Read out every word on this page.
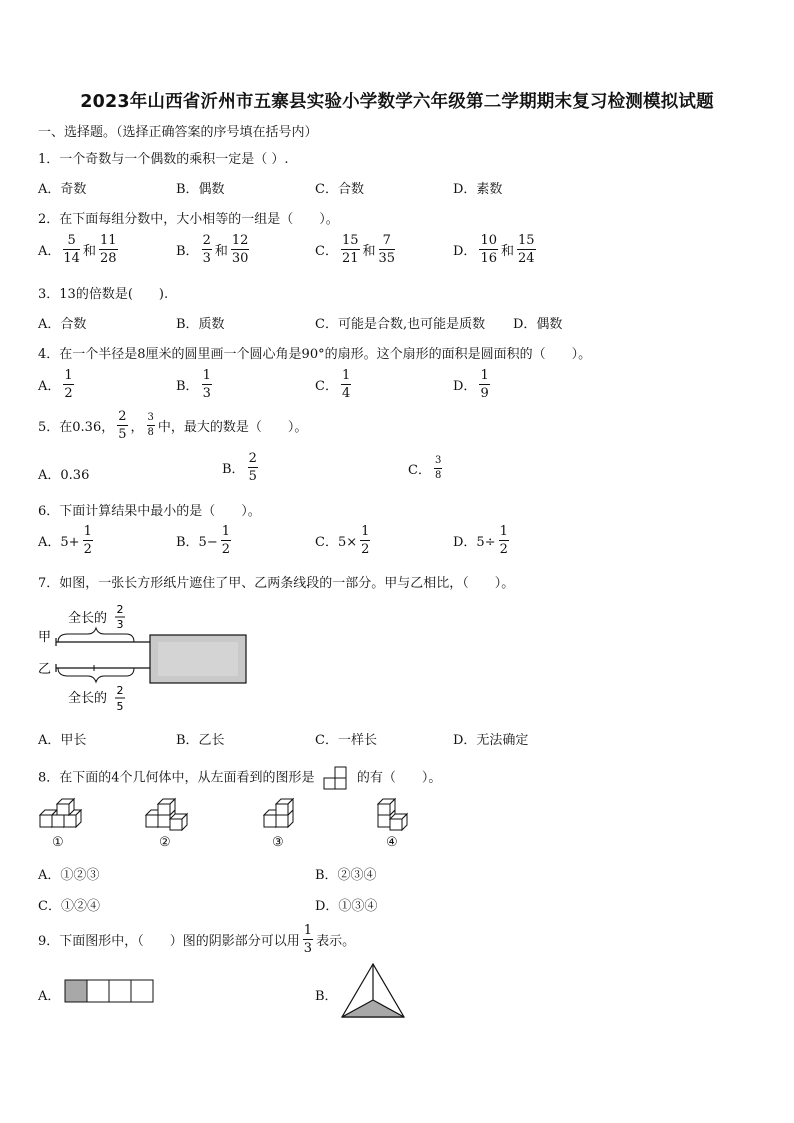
2023年山西省沂州市五寨县实验小学数学六年级第二学期期末复习检测模拟试题
一、选择题。（选择正确答案的序号填在括号内）
1．一个奇数与一个偶数的乘积一定是（ ）.
A．奇数	B．偶数	C．合数	D．素数
2．在下面每组分数中，大小相等的一组是（　　）。
A． $\frac{5}{14}$ 和 $\frac{11}{28}$	B． $\frac{2}{3}$ 和 $\frac{12}{30}$	C． $\frac{15}{21}$ 和 $\frac{7}{35}$	D． $\frac{10}{16}$ 和 $\frac{15}{24}$
3．13的倍数是(　　).
A．合数	B．质数	C．可能是合数,也可能是质数 D．偶数
4．在一个半径是8厘米的圆里画一个圆心角是90°的扇形。这个扇形的面积是圆面积的（　　）。
A． $\frac{1}{2}$	B． $\frac{1}{3}$	C． $\frac{1}{4}$	D． $\frac{1}{9}$
5．在0.36， $\frac{2}{5}$ ， $\frac{3}{8}$ 中，最大的数是（　　）。
A．0.36	B． $\frac{2}{5}$	C． $\frac{3}{8}$
6．下面计算结果中最小的是（　　）。
A．$5+ \frac{1}{2}$	B．$5- \frac{1}{2}$	C．$5\times \frac{1}{2}$	D．$5\div \frac{1}{2}$
7．如图，一张长方形纸片遮住了甲、乙两条线段的一部分。甲与乙相比，（　　）。
全长的
2
3
甲
乙
全长的
2
5
A．甲长	B．乙长	C．一样长	D．无法确定
8．在下面的4个几何体中，从左面看到的图形是	的有（　　）。
①	②	③	④
A．①②③	B．②③④
C．①②④	D．①③④
9．下面图形中，（　　）图的阴影部分可以用 $\frac{1}{3}$ 表示。
A．	B．
